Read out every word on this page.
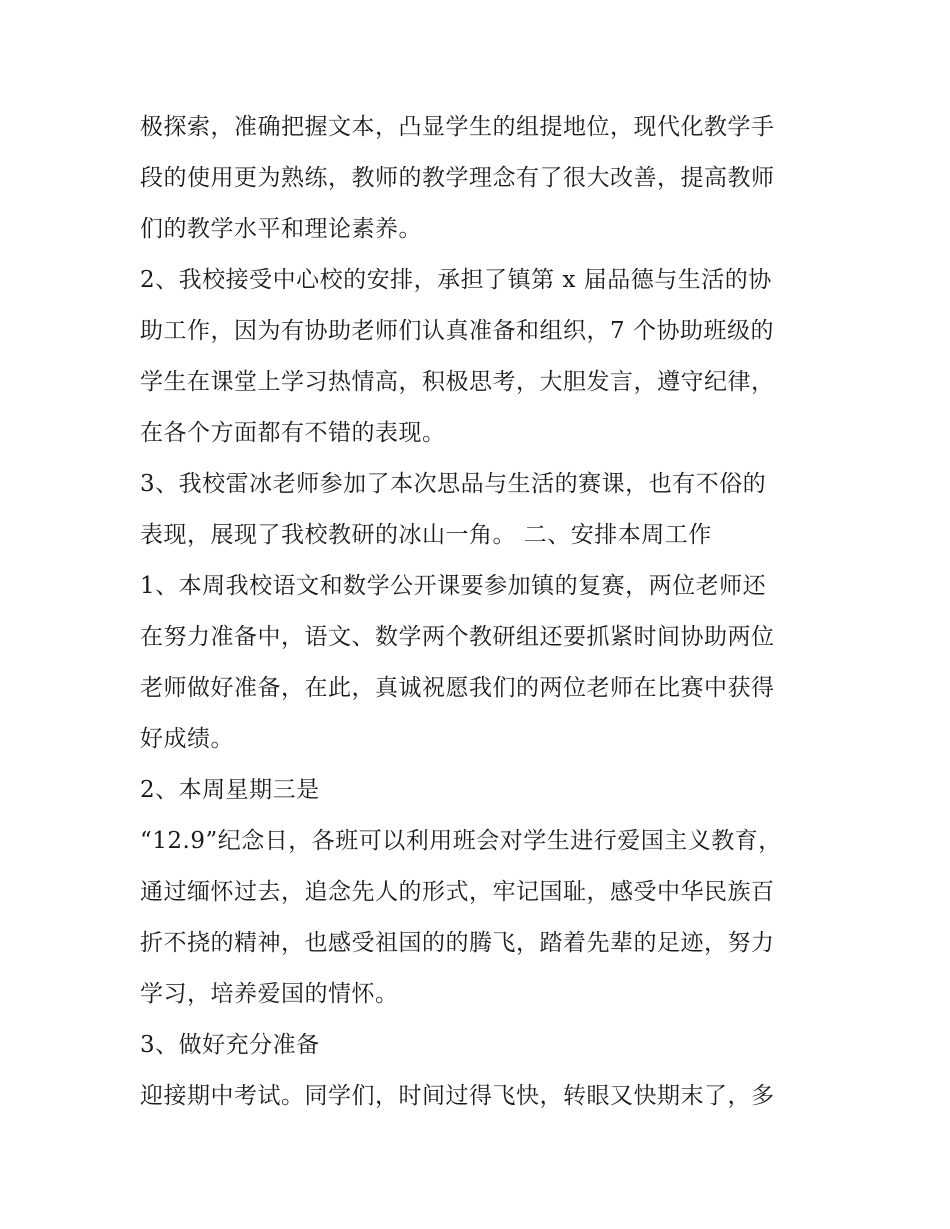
极探索，准确把握文本，凸显学生的组提地位，现代化教学手
段的使用更为熟练，教师的教学理念有了很大改善，提高教师
们的教学水平和理论素养。
2、我校接受中心校的安排，承担了镇第 x 届品德与生活的协
助工作，因为有协助老师们认真准备和组织，7 个协助班级的
学生在课堂上学习热情高，积极思考，大胆发言，遵守纪律，
在各个方面都有不错的表现。
3、我校雷冰老师参加了本次思品与生活的赛课，也有不俗的
表现，展现了我校教研的冰山一角。 二、安排本周工作
1、本周我校语文和数学公开课要参加镇的复赛，两位老师还
在努力准备中，语文、数学两个教研组还要抓紧时间协助两位
老师做好准备，在此，真诚祝愿我们的两位老师在比赛中获得
好成绩。
2、本周星期三是
“12.9”纪念日，各班可以利用班会对学生进行爱国主义教育，
通过缅怀过去，追念先人的形式，牢记国耻，感受中华民族百
折不挠的精神，也感受祖国的的腾飞，踏着先辈的足迹，努力
学习，培养爱国的情怀。
3、做好充分准备
迎接期中考试。同学们，时间过得飞快，转眼又快期末了，多
